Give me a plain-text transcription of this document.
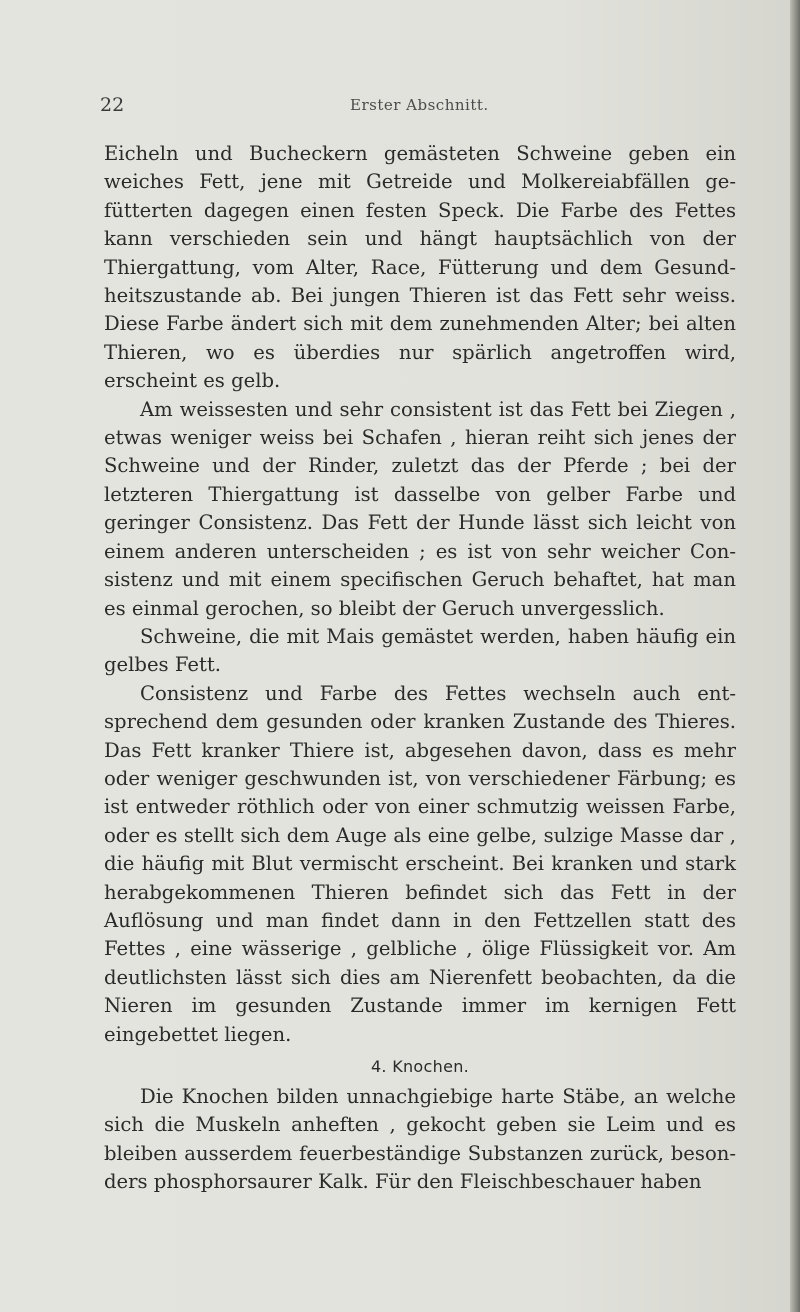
22	Erster Abschnitt.

Eicheln und Bucheckern gemästeten Schweine geben ein weiches Fett, jene mit Getreide und Molkereiabfällen gefütterten dagegen einen festen Speck. Die Farbe des Fettes kann verschieden sein und hängt hauptsächlich von der Thiergattung, vom Alter, Race, Fütterung und dem Gesundheitszustande ab. Bei jungen Thieren ist das Fett sehr weiss. Diese Farbe ändert sich mit dem zunehmenden Alter; bei alten Thieren, wo es überdies nur spärlich angetroffen wird, erscheint es gelb.

Am weissesten und sehr consistent ist das Fett bei Ziegen , etwas weniger weiss bei Schafen , hieran reiht sich jenes der Schweine und der Rinder, zuletzt das der Pferde ; bei der letzteren Thiergattung ist dasselbe von gelber Farbe und geringer Consistenz. Das Fett der Hunde lässt sich leicht von einem anderen unterscheiden ; es ist von sehr weicher Consistenz und mit einem specifischen Geruch behaftet, hat man es einmal gerochen, so bleibt der Geruch unvergesslich.

Schweine, die mit Mais gemästet werden, haben häufig ein gelbes Fett.

Consistenz und Farbe des Fettes wechseln auch entsprechend dem gesunden oder kranken Zustande des Thieres. Das Fett kranker Thiere ist, abgesehen davon, dass es mehr oder weniger geschwunden ist, von verschiedener Färbung; es ist entweder röthlich oder von einer schmutzig weissen Farbe, oder es stellt sich dem Auge als eine gelbe, sulzige Masse dar , die häufig mit Blut vermischt erscheint. Bei kranken und stark herabgekommenen Thieren befindet sich das Fett in der Auflösung und man findet dann in den Fettzellen statt des Fettes , eine wässerige , gelbliche , ölige Flüssigkeit vor. Am deutlichsten lässt sich dies am Nierenfett beobachten, da die Nieren im gesunden Zustande immer im kernigen Fett eingebettet liegen.

4. Knochen.

Die Knochen bilden unnachgiebige harte Stäbe, an welche sich die Muskeln anheften , gekocht geben sie Leim und es bleiben ausserdem feuerbeständige Substanzen zurück, besonders phosphorsaurer Kalk. Für den Fleischbeschauer haben
